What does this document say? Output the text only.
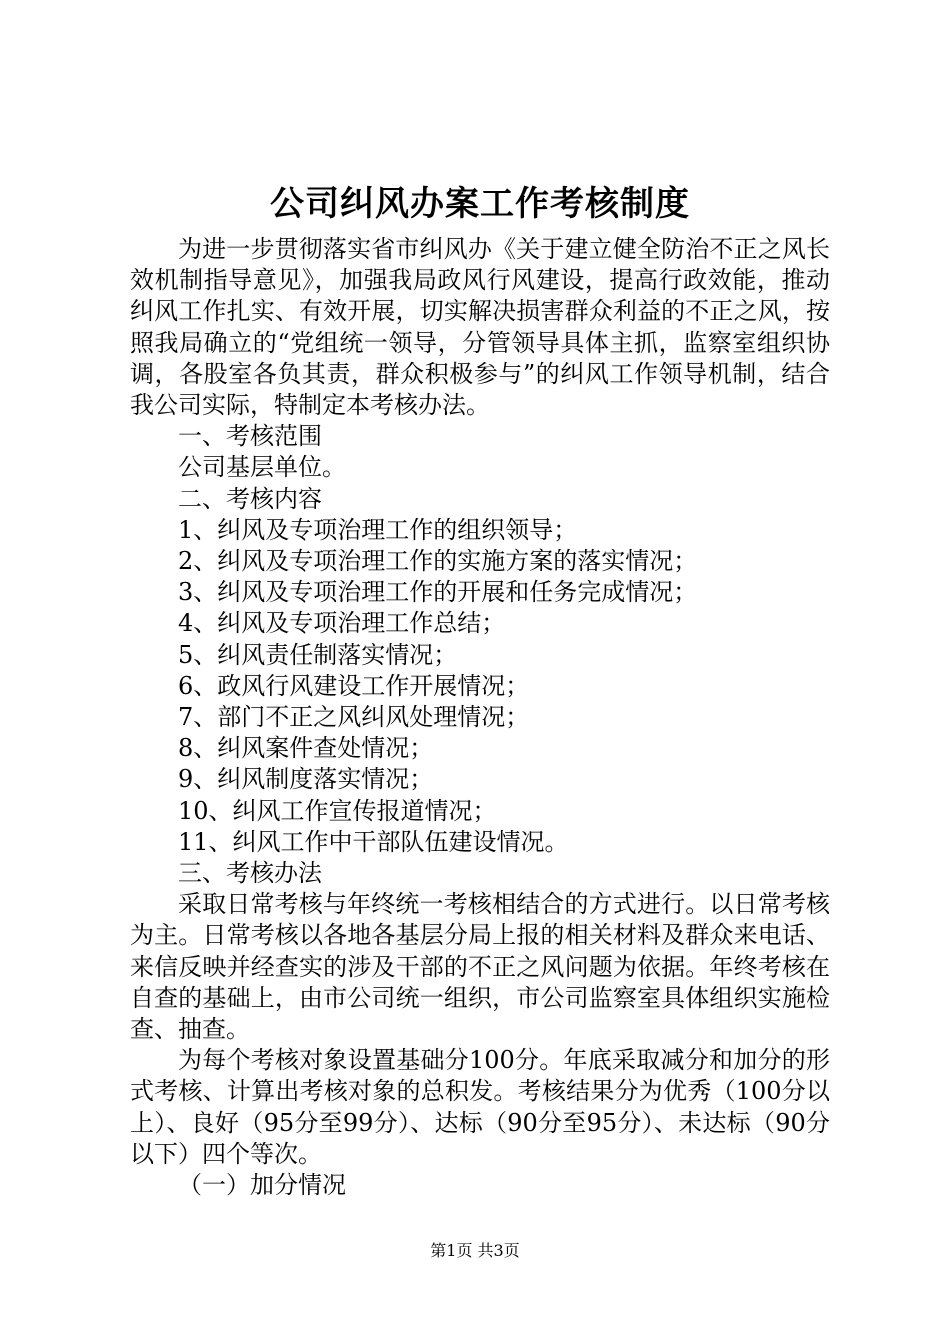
公司纠风办案工作考核制度

为进一步贯彻落实省市纠风办《关于建立健全防治不正之风长效机制指导意见》，加强我局政风行风建设，提高行政效能，推动纠风工作扎实、有效开展，切实解决损害群众利益的不正之风，按照我局确立的“党组统一领导，分管领导具体主抓，监察室组织协调，各股室各负其责，群众积极参与”的纠风工作领导机制，结合我公司实际，特制定本考核办法。

一、考核范围

公司基层单位。

二、考核内容

1、纠风及专项治理工作的组织领导；

2、纠风及专项治理工作的实施方案的落实情况；

3、纠风及专项治理工作的开展和任务完成情况；

4、纠风及专项治理工作总结；

5、纠风责任制落实情况；

6、政风行风建设工作开展情况；

7、部门不正之风纠风处理情况；

8、纠风案件查处情况；

9、纠风制度落实情况；

10、纠风工作宣传报道情况；

11、纠风工作中干部队伍建设情况。

三、考核办法

采取日常考核与年终统一考核相结合的方式进行。以日常考核为主。日常考核以各地各基层分局上报的相关材料及群众来电话、来信反映并经查实的涉及干部的不正之风问题为依据。年终考核在自查的基础上，由市公司统一组织，市公司监察室具体组织实施检查、抽查。

为每个考核对象设置基础分100分。年底采取减分和加分的形式考核、计算出考核对象的总积发。考核结果分为优秀（100分以上）、良好（95分至99分）、达标（90分至95分）、未达标（90分以下）四个等次。

（一）加分情况

第1页 共3页
